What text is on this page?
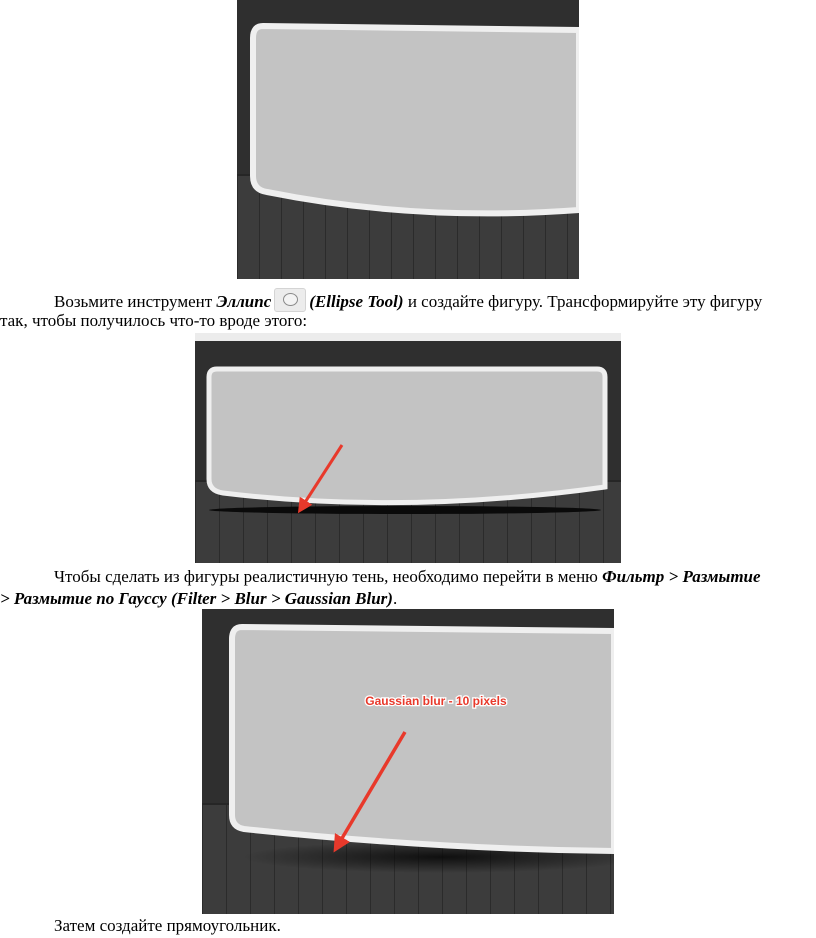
Возьмите инструмент Эллипс (Ellipse Tool) и создайте фигуру. Трансформируйте эту фигуру

так, чтобы получилось что-то вроде этого:

Чтобы сделать из фигуры реалистичную тень, необходимо перейти в меню Фильтр > Размытие

> Размытие по Гауссу (Filter > Blur > Gaussian Blur).

Gaussian blur - 10 pixels

Затем создайте прямоугольник.
